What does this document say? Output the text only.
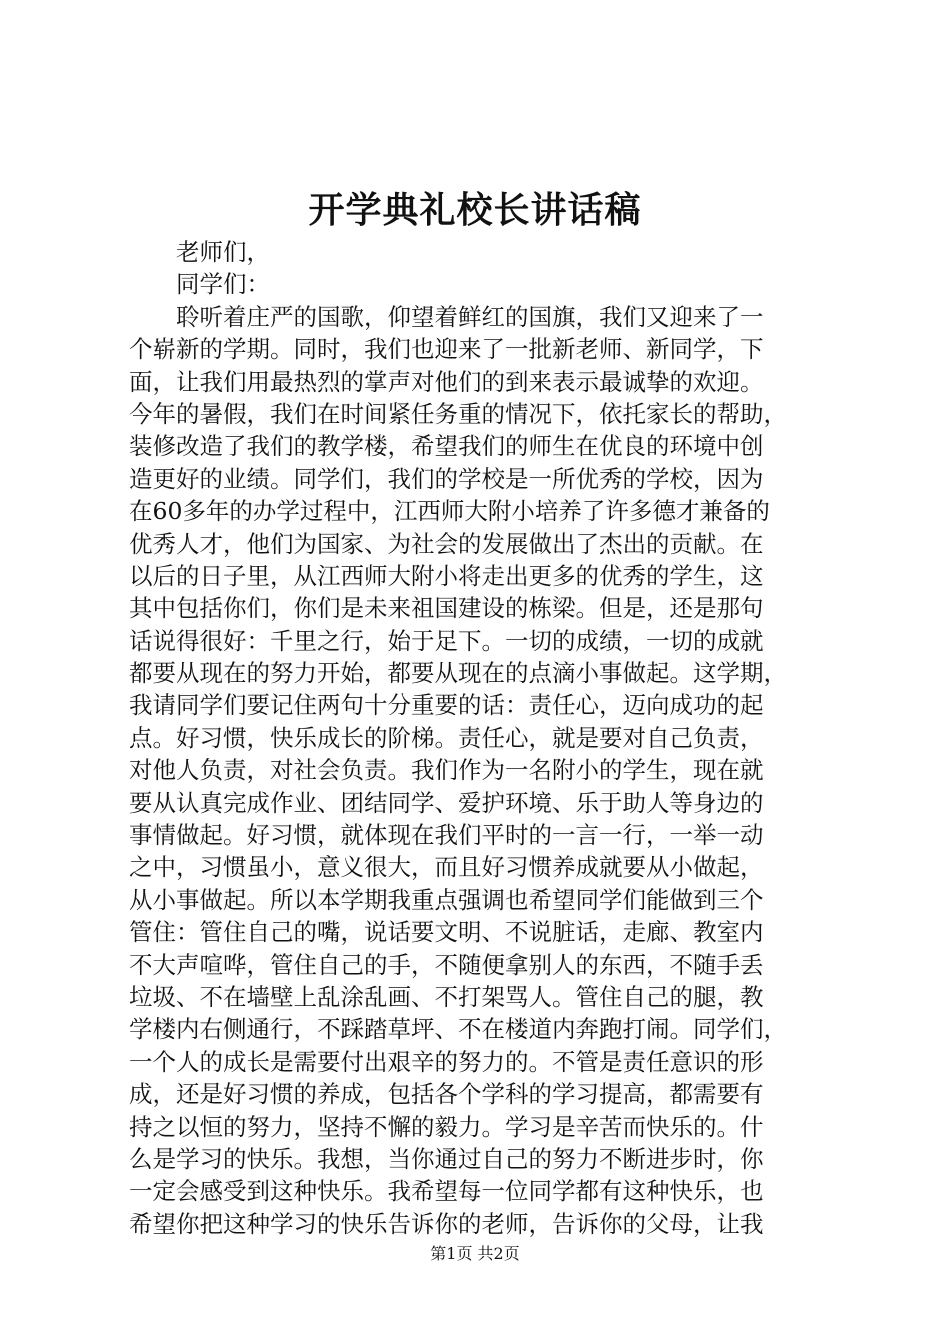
开学典礼校长讲话稿
老师们，
同学们：
聆听着庄严的国歌，仰望着鲜红的国旗，我们又迎来了一
个崭新的学期。同时，我们也迎来了一批新老师、新同学，下
面，让我们用最热烈的掌声对他们的到来表示最诚挚的欢迎。
今年的暑假，我们在时间紧任务重的情况下，依托家长的帮助，
装修改造了我们的教学楼，希望我们的师生在优良的环境中创
造更好的业绩。同学们，我们的学校是一所优秀的学校，因为
在60多年的办学过程中，江西师大附小培养了许多德才兼备的
优秀人才，他们为国家、为社会的发展做出了杰出的贡献。在
以后的日子里，从江西师大附小将走出更多的优秀的学生，这
其中包括你们，你们是未来祖国建设的栋梁。但是，还是那句
话说得很好：千里之行，始于足下。一切的成绩，一切的成就
都要从现在的努力开始，都要从现在的点滴小事做起。这学期，
我请同学们要记住两句十分重要的话：责任心，迈向成功的起
点。好习惯，快乐成长的阶梯。责任心，就是要对自己负责，
对他人负责，对社会负责。我们作为一名附小的学生，现在就
要从认真完成作业、团结同学、爱护环境、乐于助人等身边的
事情做起。好习惯，就体现在我们平时的一言一行，一举一动
之中，习惯虽小，意义很大，而且好习惯养成就要从小做起，
从小事做起。所以本学期我重点强调也希望同学们能做到三个
管住：管住自己的嘴，说话要文明、不说脏话，走廊、教室内
不大声喧哗，管住自己的手，不随便拿别人的东西，不随手丢
垃圾、不在墙壁上乱涂乱画、不打架骂人。管住自己的腿，教
学楼内右侧通行，不踩踏草坪、不在楼道内奔跑打闹。同学们，
一个人的成长是需要付出艰辛的努力的。不管是责任意识的形
成，还是好习惯的养成，包括各个学科的学习提高，都需要有
持之以恒的努力，坚持不懈的毅力。学习是辛苦而快乐的。什
么是学习的快乐。我想，当你通过自己的努力不断进步时，你
一定会感受到这种快乐。我希望每一位同学都有这种快乐，也
希望你把这种学习的快乐告诉你的老师，告诉你的父母，让我
第1页 共2页
